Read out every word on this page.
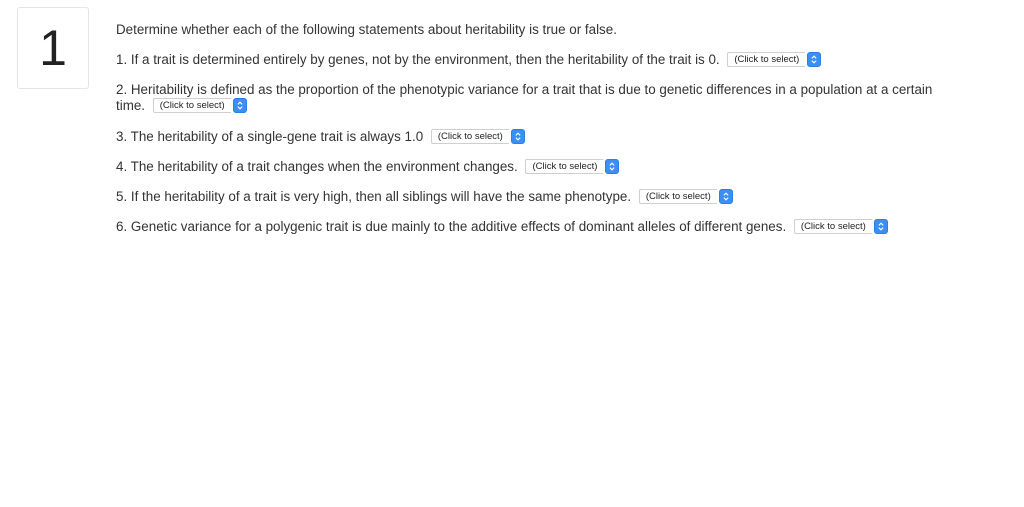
1	Determine whether each of the following statements about heritability is true or false.

1. If a trait is determined entirely by genes, not by the environment, then the heritability of the trait is 0.	(Click to select)

2. Heritability is defined as the proportion of the phenotypic variance for a trait that is due to genetic differences in a population at a certain time.	(Click to select)

3. The heritability of a single-gene trait is always 1.0	(Click to select)

4. The heritability of a trait changes when the environment changes.	(Click to select)

5. If the heritability of a trait is very high, then all siblings will have the same phenotype.	(Click to select)

6. Genetic variance for a polygenic trait is due mainly to the additive effects of dominant alleles of different genes.	(Click to select)
